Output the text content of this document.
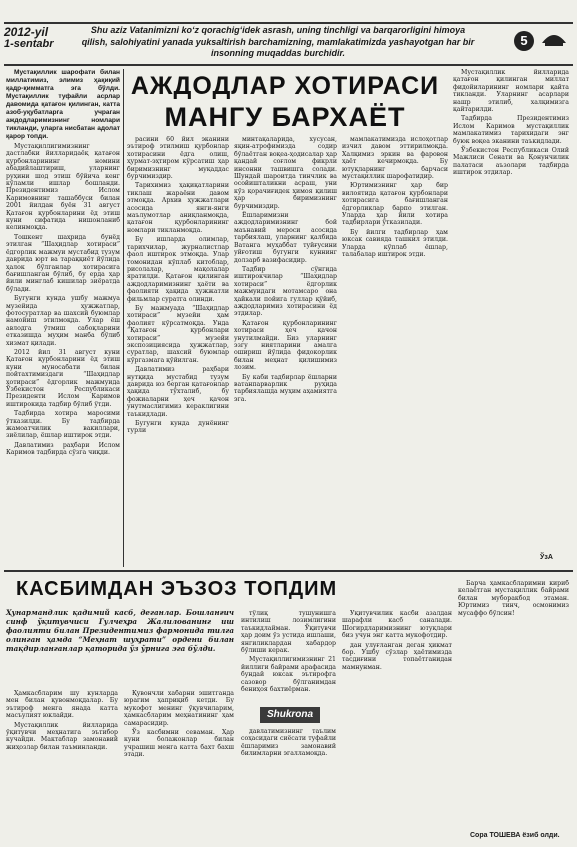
2012-yil
1-sentabr
Shu aziz Vatanimizni ko‘z qorachig‘idek asrash, uning tinchligi va barqarorligini himoya qilish, salohiyatini yanada yuksaltirish barchamizning, mamlakatimizda yashayotgan har bir insonning muqaddas burchidir.
5
АЖДОДЛАР ХОТИРАСИ
МАНГУ БАРХАЁТ

Мустақиллик шарофати билан миллатимиз, элимиз ҳақиқий қадр-қимматга эга бўлди. Мустақиллик туфайли асрлар давомида қатағон қилинган, катта азоб-уқубатларга учраган аждодларимизнинг номлари тикланди, уларга нисбатан адолат қарор топди.

Мустақиллигимизнинг дастлабки йилларидаёқ қатағон қурбонларининг номини абадийлаштириш, уларнинг руҳини шод этиш бўйича кенг кўламли ишлар бошланди. Президентимиз Ислом Каримовнинг ташаббуси билан 2001 йилдан буён 31 август Қатағон қурбонларини ёд этиш куни сифатида нишонланиб келинмоқда.

Тошкент шаҳрида бунёд этилган “Шаҳидлар хотираси” ёдгорлик мажмуи мустабид тузум даврида юрт ва тараққиёт йўлида ҳалок бўлганлар хотирасига бағишланган бўлиб, бу ерда ҳар йили минглаб кишилар зиёратда бўлади.

Бугунги кунда ушбу мажмуа музейида ҳужжатлар, фотосуратлар ва шахсий буюмлар намойиш этилмоқда. Улар ёш авлодга ўтмиш сабоқларини етказишда муҳим манба бўлиб хизмат қилади.

2012 йил 31 август куни Қатағон қурбонларини ёд этиш куни муносабати билан пойтахтимиздаги “Шаҳидлар хотираси” ёдгорлик мажмуида Ўзбекистон Республикаси Президенти Ислом Каримов иштирокида тадбир бўлиб ўтди.

Тадбирда хотира маросими ўтказилди. Бу тадбирда жамоатчилик вакиллари, зиёлилар, ёшлар иштирок этди.

Давлатимиз раҳбари Ислом Каримов тадбирда сўзга чиқди.

расини 60 йил эканини эътироф этилмиш қурбонлар хотирасини ёдга олиш, ҳурмат-эҳтиром кўрсатиш ҳар биримизнинг муқаддас бурчимиздир.

Тарихимиз ҳақиқатларини тиклаш жараёни давом этмоқда. Архив ҳужжатлари асосида янги-янги маълумотлар аниқланмоқда, қатағон қурбонларининг номлари тикланмоқда.

Бу ишларда олимлар, тарихчилар, журналистлар фаол иштирок этмоқда. Улар томонидан кўплаб китоблар, рисолалар, мақолалар яратилди. Қатағон қилинган аждодларимизнинг ҳаёти ва фаолияти ҳақида ҳужжатли фильмлар суратга олинди.

Бу мажмуада “Шаҳидлар хотираси” музейи ҳам фаолият кўрсатмоқда. Унда “Қатағон қурбонлари хотираси” музейи экспозициясида ҳужжатлар, суратлар, шахсий буюмлар кўргазмага қўйилган.

Давлатимиз раҳбари нутқида мустабид тузум даврида юз берган қатағонлар ҳақида тўхталиб, бу фожиаларни ҳеч қачон унутмаслигимиз кераклигини таъкидлади.

Бугунги кунда дунёнинг турли

минтақаларида, хусусан, яқин-атрофимизда содир бўлаётган воқеа-ҳодисалар ҳар қандай соғлом фикрли инсонни ташвишга солади. Шундай шароитда тинчлик ва осойишталикни асраш, уни кўз қорачиғидек ҳимоя қилиш ҳар биримизнинг бурчимиздир.

Ёшларимизни аждодларимизнинг бой маънавий мероси асосида тарбиялаш, уларнинг қалбида Ватанга муҳаббат туйғусини уйғотиш бугунги куннинг долзарб вазифасидир.

Тадбир сўнгида иштирокчилар “Шаҳидлар хотираси” ёдгорлик мажмуидаги мотамсаро она ҳайкали пойига гуллар қўйиб, аждодларимиз хотирасини ёд этдилар.

Қатағон қурбонларининг хотираси ҳеч қачон унутилмайди. Биз уларнинг эзгу ниятларини амалга ошириш йўлида фидокорлик билан меҳнат қилишимиз лозим.

Бу каби тадбирлар ёшларни ватанпарварлик руҳида тарбиялашда муҳим аҳамиятга эга.

мамлакатимизда ислоҳотлар изчил давом эттирилмоқда. Халқимиз эркин ва фаровон ҳаёт кечирмоқда. Бу ютуқларнинг барчаси мустақиллик шарофатидир.

Юртимизнинг ҳар бир вилоятида қатағон қурбонлари хотирасига бағишланган ёдгорликлар барпо этилган. Уларда ҳар йили хотира тадбирлари ўтказилади.

Бу йилги тадбирлар ҳам юксак савияда ташкил этилди. Уларда кўплаб ёшлар, талабалар иштирок этди.

Мустақиллик йилларида қатағон қилинган миллат фидойиларининг номлари қайта тикланди. Уларнинг асарлари нашр этилиб, халқимизга қайтарилди.

Тадбирда Президентимиз Ислом Каримов мустақиллик мамлакатимиз тарихидаги энг буюк воқеа эканини таъкидлади.

Ўзбекистон Республикаси Олий Мажлиси Сенати ва Қонунчилик палатаси аъзолари тадбирда иштирок этдилар.

ЎзА
КАСБИМДАН ЭЪЗОЗ ТОПДИМ
Ҳунармандлик қадимий касб, деганлар. Бошланғич синф ўқитувчиси Гулчеҳра Жалилованинг иш фаолияти билан Президентимиз фармонида тилга олинган ҳамда “Меҳнат шуҳрати” ордени билан тақдирланганлар қаторида ўз ўрнига эга бўлди.

Ҳамкасбларим шу кунларда мен билан қувонмоқдалар. Бу эътироф менга янада катта масъулият юклайди.

Мустақиллик йилларида ўқитувчи меҳнатига эътибор кучайди. Мактаблар замонавий жиҳозлар билан таъминланди.

Қувончли хабарни эшитганда юрагим ҳаприқиб кетди. Бу мукофот менинг ўқувчиларим, ҳамкасбларим меҳнатининг ҳам самарасидир.

Ўз касбимни севаман. Ҳар куни болажонлар билан учрашиш менга катта бахт бахш этади.

тўлиқ тушунишга интилиш лозимлигини таъкидлайман. Ўқитувчи ҳар доим ўз устида ишлаши, янгиликлардан хабардор бўлиши керак.

Мустақиллигимизнинг 21 йиллиги байрами арафасида бундай юксак эътирофга сазовор бўлганимдан бениҳоя бахтиёрман.

Shukrona

давлатимизнинг таълим соҳасидаги сиёсати туфайли ёшларимиз замонавий билимларни эгалламоқда.

Ўқитувчилик касби азалдан шарафли касб саналади. Шогирдларимизнинг ютуқлари биз учун энг катта мукофотдир.

дан улуғланган деган ҳикмат бор. Ушбу сўзлар ҳаётимизда тасдиғини топаётганидан мамнунман.

Барча ҳамкасбларимни кириб келаётган мустақиллик байрами билан муборакбод этаман. Юртимиз тинч, осмонимиз мусаффо бўлсин!

Сора ТОШЕВА ёзиб олди.
